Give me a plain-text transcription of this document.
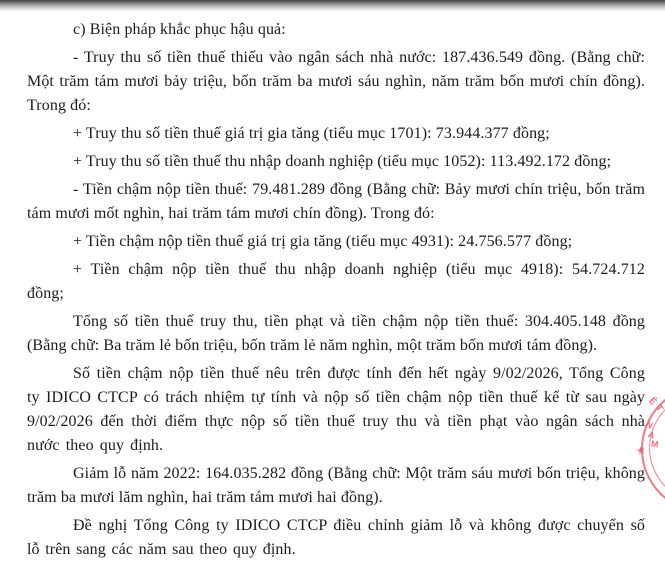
c) Biện pháp khắc phục hậu quả:

- Truy thu số tiền thuế thiếu vào ngân sách nhà nước: 187.436.549 đồng. (Bằng chữ: Một trăm tám mươi bảy triệu, bốn trăm ba mươi sáu nghìn, năm trăm bốn mươi chín đồng). Trong đó:

+ Truy thu số tiền thuế giá trị gia tăng (tiểu mục 1701): 73.944.377 đồng;

+ Truy thu số tiền thuế thu nhập doanh nghiệp (tiểu mục 1052): 113.492.172 đồng;

- Tiền chậm nộp tiền thuế: 79.481.289 đồng (Bằng chữ: Bảy mươi chín triệu, bốn trăm tám mươi mốt nghìn, hai trăm tám mươi chín đồng). Trong đó:

+ Tiền chậm nộp tiền thuế giá trị gia tăng (tiểu mục 4931): 24.756.577 đồng;

+ Tiền chậm nộp tiền thuế thu nhập doanh nghiệp (tiểu mục 4918): 54.724.712 đồng;

Tổng số tiền thuế truy thu, tiền phạt và tiền chậm nộp tiền thuế: 304.405.148 đồng (Bằng chữ: Ba trăm lẻ bốn triệu, bốn trăm lẻ năm nghìn, một trăm bốn mươi tám đồng).

Số tiền chậm nộp tiền thuế nêu trên được tính đến hết ngày 9/02/2026, Tổng Công ty IDICO CTCP có trách nhiệm tự tính và nộp số tiền chậm nộp tiền thuế kể từ sau ngày 9/02/2026 đến thời điểm thực nộp số tiền thuế truy thu và tiền phạt vào ngân sách nhà nước theo quy định.

Giảm lỗ năm 2022: 164.035.282 đồng (Bằng chữ: Một trăm sáu mươi bốn triệu, không trăm ba mươi lăm nghìn, hai trăm tám mươi hai đồng).

Đề nghị Tổng Công ty IDICO CTCP điều chỉnh giảm lỗ và không được chuyển số lỗ trên sang các năm sau theo quy định.

Ệ
T
N
A
M
★
